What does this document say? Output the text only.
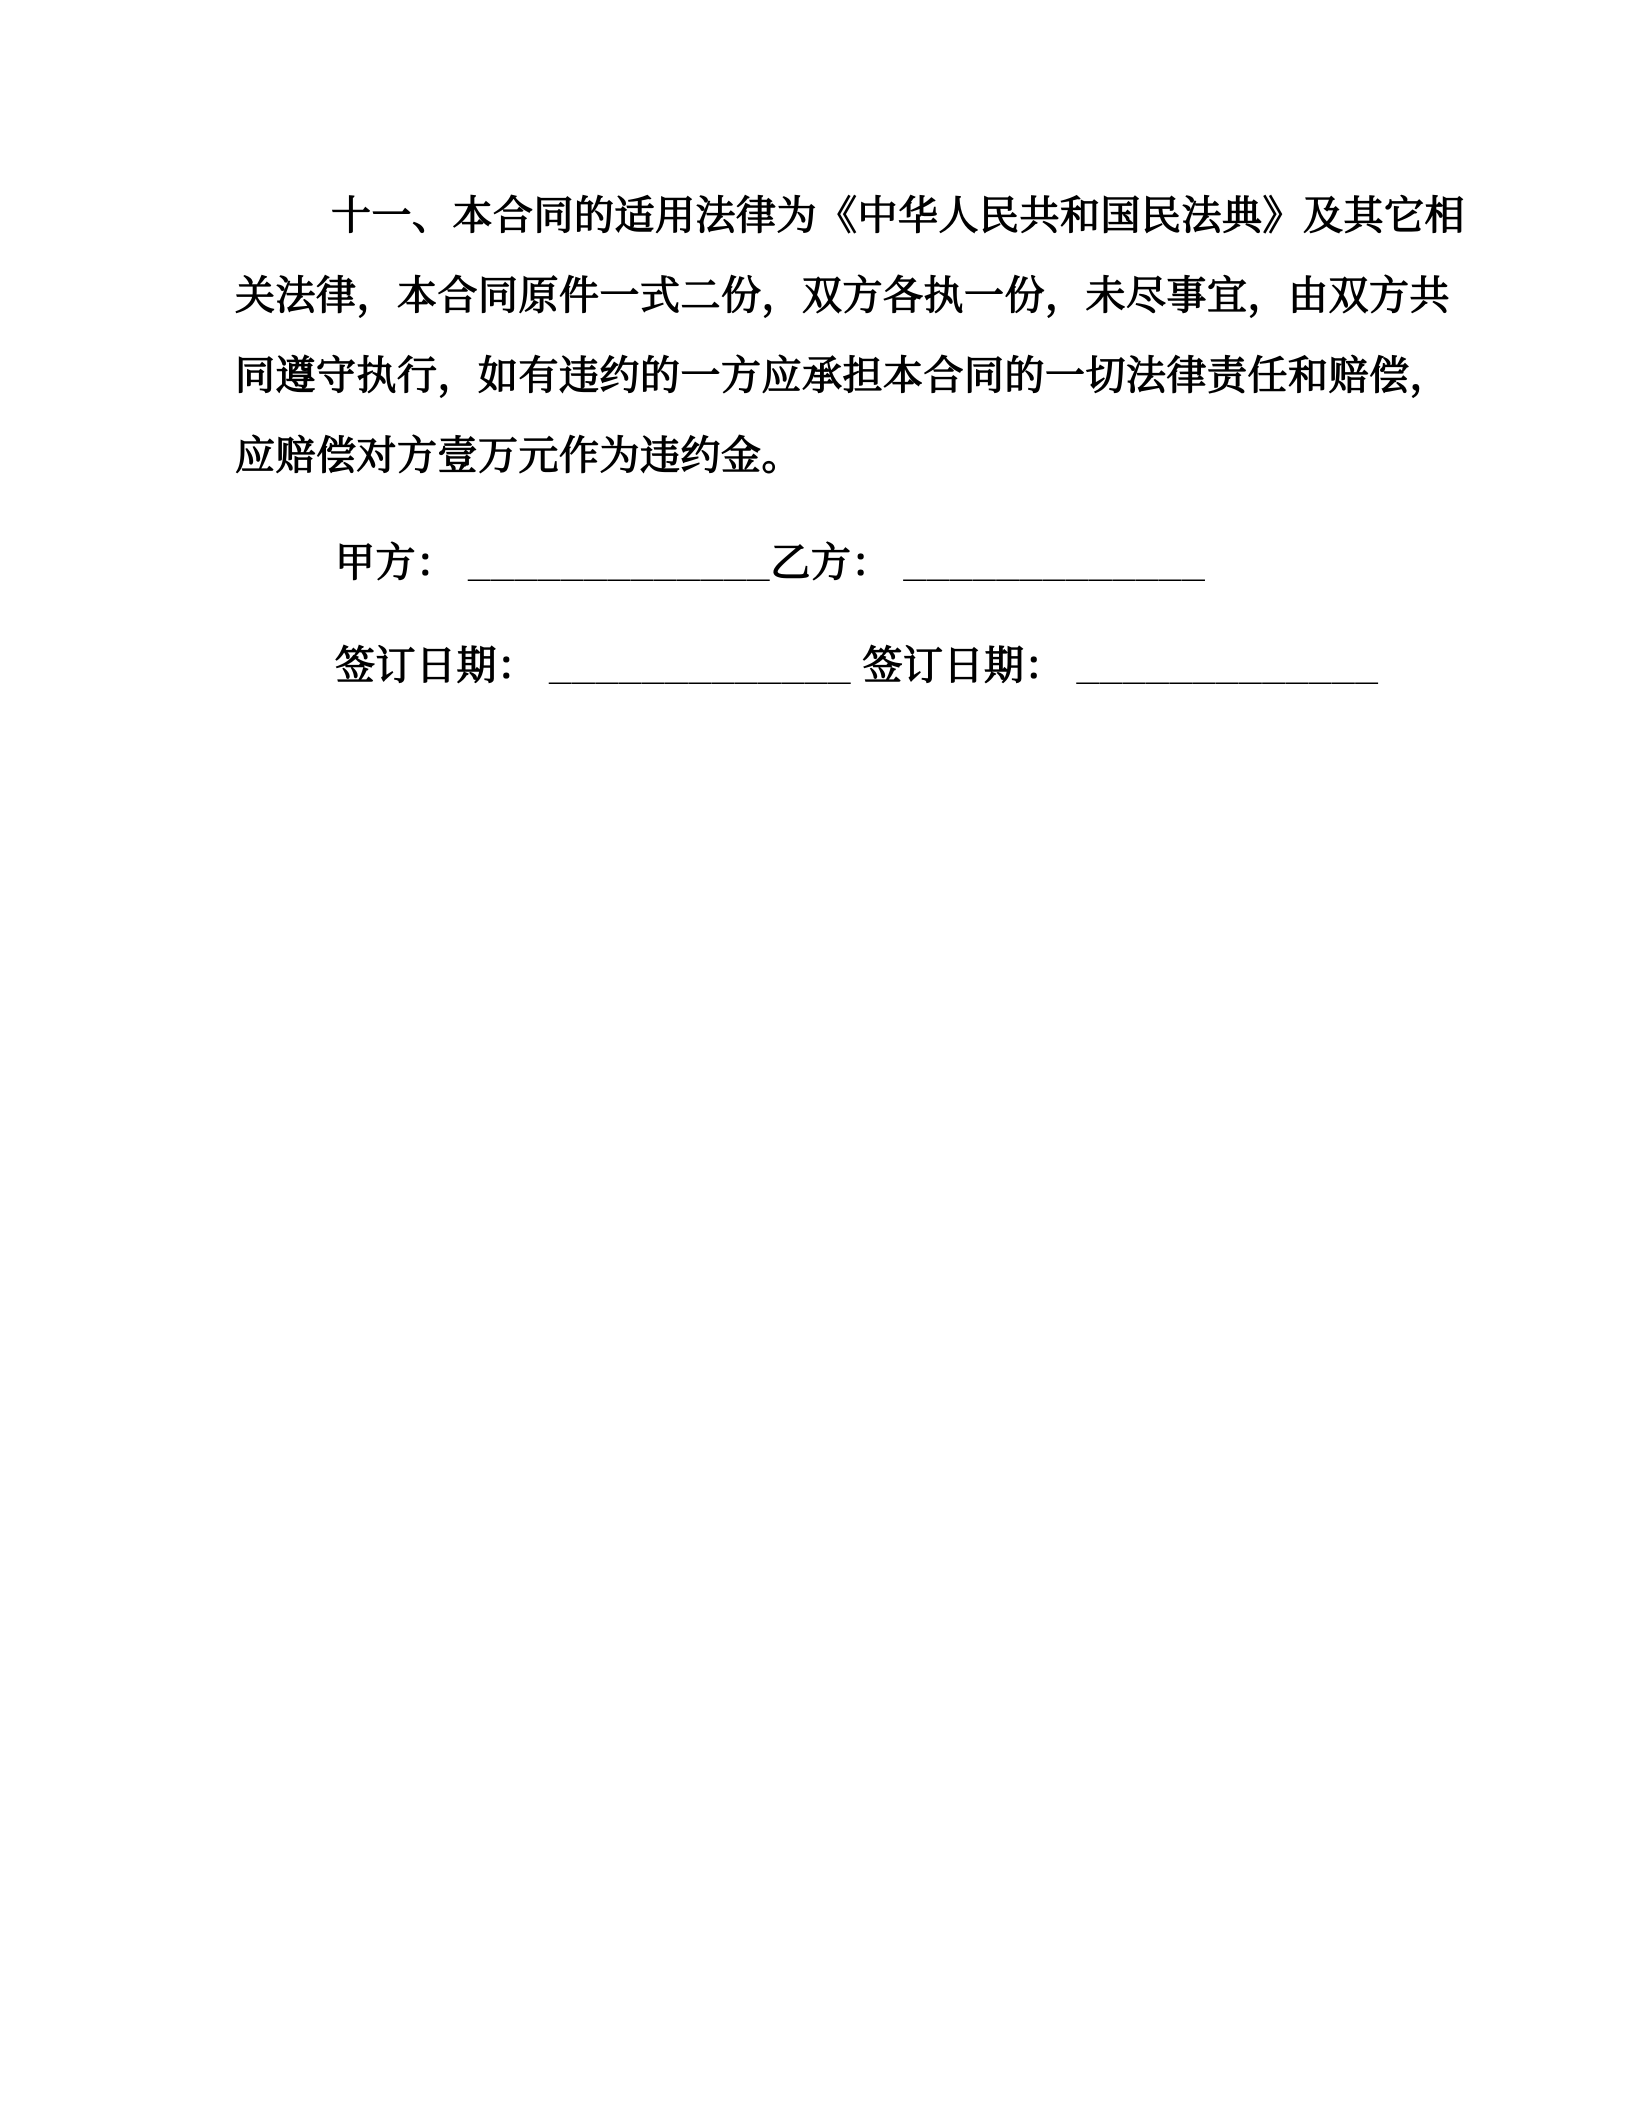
十一、本合同的适用法律为《中华人民共和国民法典》及其它相
关法律，本合同原件一式二份，双方各执一份，未尽事宜，由双方共
同遵守执行，如有违约的一方应承担本合同的一切法律责任和赔偿，
应赔偿对方壹万元作为违约金。
甲方： _____________乙方： _____________
签订日期： _____________ 签订日期： _____________
